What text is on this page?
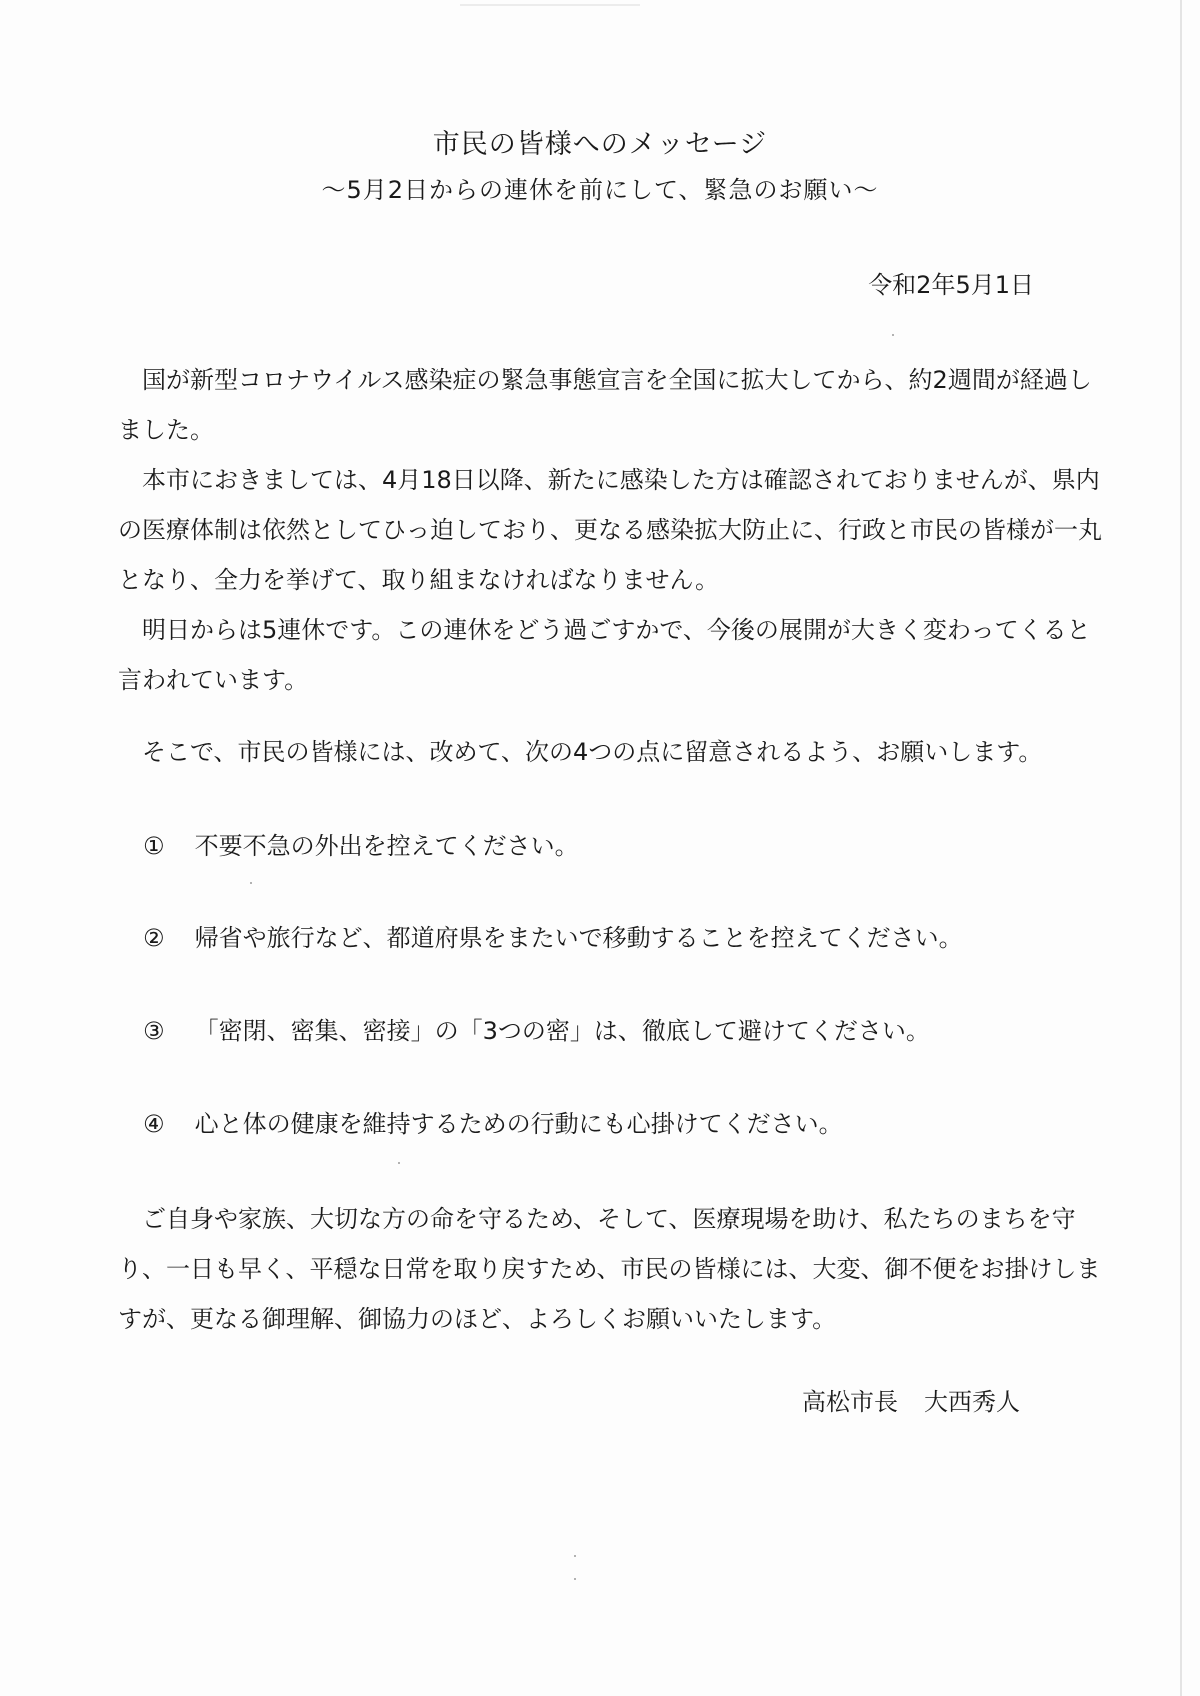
市民の皆様へのメッセージ
～5月2日からの連休を前にして、緊急のお願い～
令和2年5月1日

国が新型コロナウイルス感染症の緊急事態宣言を全国に拡大してから、約2週間が経過しました。

本市におきましては、4月18日以降、新たに感染した方は確認されておりませんが、県内の医療体制は依然としてひっ迫しており、更なる感染拡大防止に、行政と市民の皆様が一丸となり、全力を挙げて、取り組まなければなりません。

明日からは5連休です。この連休をどう過ごすかで、今後の展開が大きく変わってくると言われています。

そこで、市民の皆様には、改めて、次の4つの点に留意されるよう、お願いします。

① 不要不急の外出を控えてください。
② 帰省や旅行など、都道府県をまたいで移動することを控えてください。
③ 「密閉、密集、密接」の「3つの密」は、徹底して避けてください。
④ 心と体の健康を維持するための行動にも心掛けてください。

ご自身や家族、大切な方の命を守るため、そして、医療現場を助け、私たちのまちを守り、一日も早く、平穏な日常を取り戻すため、市民の皆様には、大変、御不便をお掛けしますが、更なる御理解、御協力のほど、よろしくお願いいたします。

高松市長 大西秀人
